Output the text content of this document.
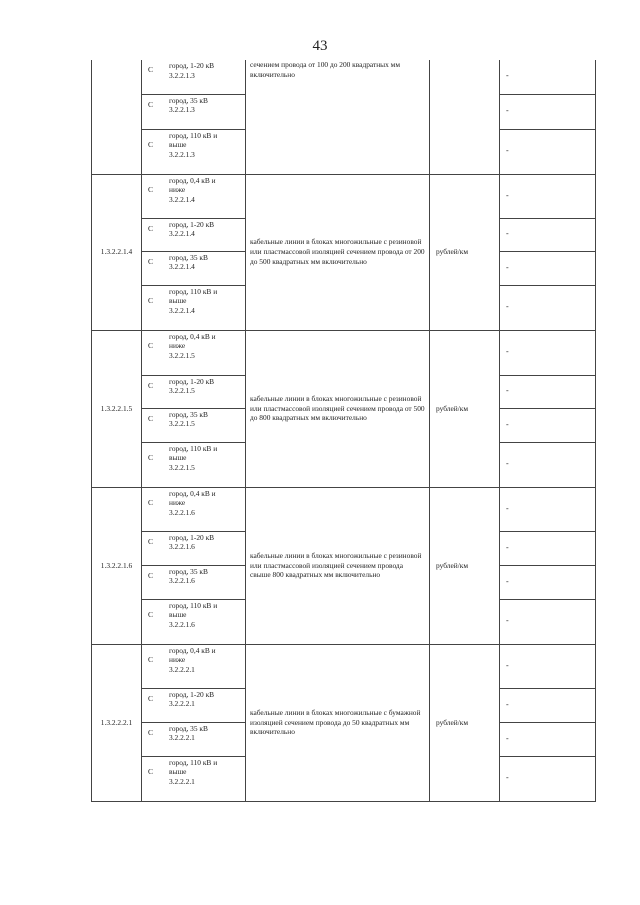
43

	С город, 1-20 кВ
3.2.2.1.3	сечением провода от 100 до 200 квадратных мм включительно		-

	С город, 35 кВ
3.2.2.1.3			-

	С
город, 110 кВ и
выше
3.2.2.1.3			-
1.3.2.2.1.4	С
город, 0,4 кВ и
ниже
3.2.2.1.4	кабельные линии в блоках многожильные с резиновой или пластмассовой изоляцией сечением провода от 200 до 500 квадратных мм включительно	рублей/км	-

	С город, 1-20 кВ
3.2.2.1.4			-

	С город, 35 кВ
3.2.2.1.4			-

	С
город, 110 кВ и
выше
3.2.2.1.4			-
1.3.2.2.1.5	С
город, 0,4 кВ и
ниже
3.2.2.1.5	кабельные линии в блоках многожильные с резиновой или пластмассовой изоляцией сечением провода от 500 до 800 квадратных мм включительно	рублей/км	-

	С город, 1-20 кВ
3.2.2.1.5			-

	С город, 35 кВ
3.2.2.1.5			-

	С
город, 110 кВ и
выше
3.2.2.1.5			-
1.3.2.2.1.6	С
город, 0,4 кВ и
ниже
3.2.2.1.6	кабельные линии в блоках многожильные с резиновой или пластмассовой изоляцией сечением провода свыше 800 квадратных мм включительно	рублей/км	-

	С город, 1-20 кВ
3.2.2.1.6			-

	С город, 35 кВ
3.2.2.1.6			-

	С
город, 110 кВ и
выше
3.2.2.1.6			-
1.3.2.2.2.1	С
город, 0,4 кВ и
ниже
3.2.2.2.1	кабельные линии в блоках многожильные с бумажной изоляцией сечением провода до 50 квадратных мм включительно	рублей/км	-

	С город, 1-20 кВ
3.2.2.2.1			-

	С город, 35 кВ
3.2.2.2.1			-

	С
город, 110 кВ и
выше
3.2.2.2.1			-
